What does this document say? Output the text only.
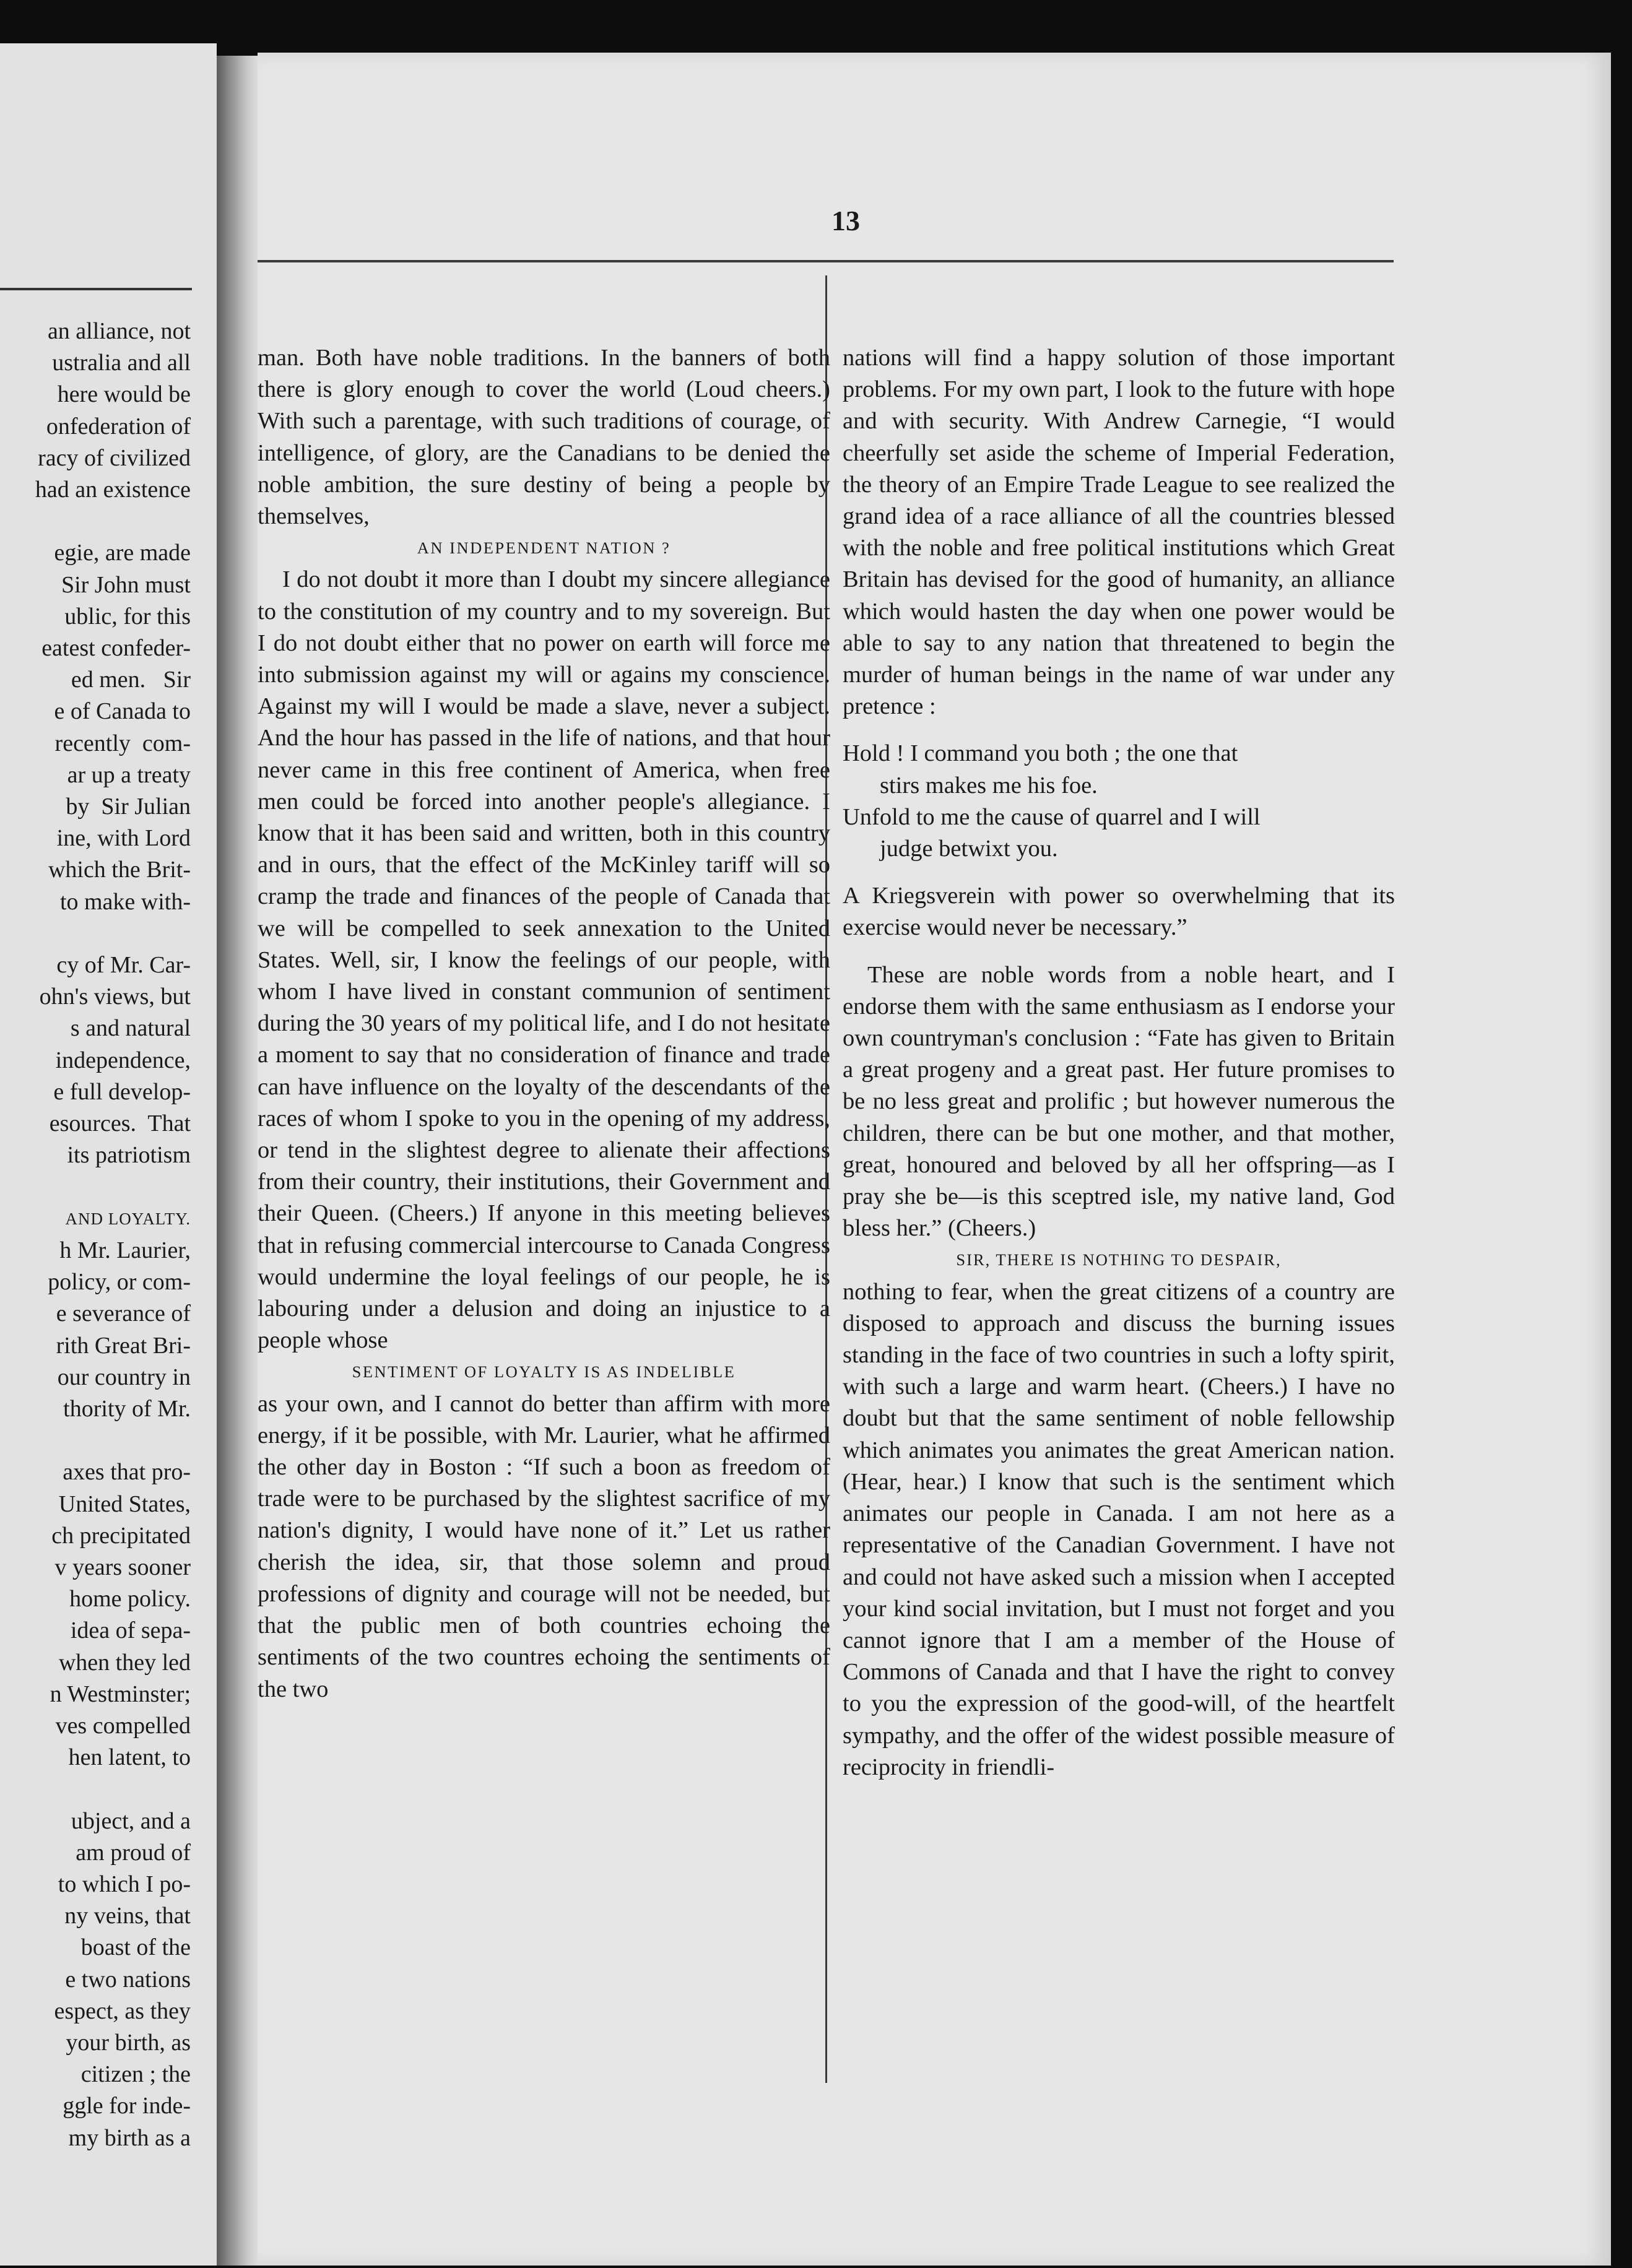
an alliance, not
ustralia and all
here would be
onfederation of
racy of civilized
had an existence

egie, are made
Sir John must
ublic, for this
eatest confeder-
ed men.   Sir
e of Canada to
recently  com-
ar up a treaty
by  Sir Julian
ine, with Lord
which the Brit-
to make with-

cy of Mr. Car-
ohn's views, but
s and natural
independence,
e full develop-
esources.  That
its patriotism

AND LOYALTY.
h Mr. Laurier,
policy, or com-
e severance of
rith Great Bri-
our country in
thority of Mr.

axes that pro-
United States,
ch precipitated
v years sooner
home policy.
idea of sepa-
when they led
n Westminster;
ves compelled
hen latent, to

ubject, and a
am proud of
to which I po-
ny veins, that
boast of the
e two nations
espect, as they
your birth, as
citizen ; the
ggle for inde-
my birth as a
13

man. Both have noble traditions. In the banners of both there is glory enough to cover the world (Loud cheers.) With such a parentage, with such traditions of courage, of intelligence, of glory, are the Canadians to be denied the noble ambition, the sure destiny of being a people by themselves,

AN INDEPENDENT NATION ?

I do not doubt it more than I doubt my sincere allegiance to the constitution of my country and to my sovereign. But I do not doubt either that no power on earth will force me into submission against my will or agains my conscience. Against my will I would be made a slave, never a subject. And the hour has passed in the life of nations, and that hour never came in this free continent of America, when free men could be forced into another people's allegiance. I know that it has been said and written, both in this country and in ours, that the effect of the McKinley tariff will so cramp the trade and finances of the people of Canada that we will be compelled to seek annexation to the United States. Well, sir, I know the feelings of our people, with whom I have lived in constant communion of sentiment during the 30 years of my political life, and I do not hesitate a moment to say that no consideration of finance and trade can have influence on the loyalty of the descendants of the races of whom I spoke to you in the opening of my address, or tend in the slightest degree to alienate their affections from their country, their institutions, their Government and their Queen. (Cheers.) If anyone in this meeting believes that in refusing commercial intercourse to Canada Congress would undermine the loyal feelings of our people, he is labouring under a delusion and doing an injustice to a people whose

SENTIMENT OF LOYALTY IS AS INDELIBLE

as your own, and I cannot do better than affirm with more energy, if it be possible, with Mr. Laurier, what he affirmed the other day in Boston : “If such a boon as freedom of trade were to be purchased by the slightest sacrifice of my nation's dignity, I would have none of it.” Let us rather cherish the idea, sir, that those solemn and proud professions of dignity and courage will not be needed, but that the public men of both countries echoing the sentiments of the two countres echoing the sentiments of the two

nations will find a happy solution of those important problems. For my own part, I look to the future with hope and with security. With Andrew Carnegie, “I would cheerfully set aside the scheme of Imperial Federation, the theory of an Empire Trade League to see realized the grand idea of a race alliance of all the countries blessed with the noble and free political institutions which Great Britain has devised for the good of humanity, an alliance which would hasten the day when one power would be able to say to any nation that threatened to begin the murder of human beings in the name of war under any pretence :

Hold ! I command you both ; the one that
stirs makes me his foe.
Unfold to me the cause of quarrel and I will
judge betwixt you.

A Kriegsverein with power so overwhelming that its exercise would never be necessary.”

These are noble words from a noble heart, and I endorse them with the same enthusiasm as I endorse your own countryman's conclusion : “Fate has given to Britain a great progeny and a great past. Her future promises to be no less great and prolific ; but however numerous the children, there can be but one mother, and that mother, great, honoured and beloved by all her offspring—as I pray she be—is this sceptred isle, my native land, God bless her.” (Cheers.)

SIR, THERE IS NOTHING TO DESPAIR,

nothing to fear, when the great citizens of a country are disposed to approach and discuss the burning issues standing in the face of two countries in such a lofty spirit, with such a large and warm heart. (Cheers.) I have no doubt but that the same sentiment of noble fellowship which animates you animates the great American nation. (Hear, hear.) I know that such is the sentiment which animates our people in Canada. I am not here as a representative of the Canadian Government. I have not and could not have asked such a mission when I accepted your kind social invitation, but I must not forget and you cannot ignore that I am a member of the House of Commons of Canada and that I have the right to convey to you the expression of the good-will, of the heartfelt sympathy, and the offer of the widest possible measure of reciprocity in friendli-
